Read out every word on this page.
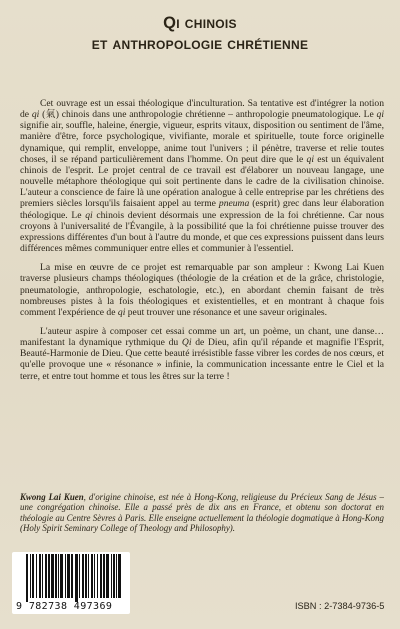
Qi chinois
et anthropologie chrétienne

Cet ouvrage est un essai théologique d'inculturation. Sa tentative est d'intégrer la notion de qi (氣) chinois dans une anthropologie chrétienne – anthropologie pneumatologique. Le qi signifie air, souffle, haleine, énergie, vigueur, esprits vitaux, disposition ou sentiment de l'âme, manière d'être, force psychologique, vivifiante, morale et spirituelle, toute force originelle dynamique, qui remplit, enveloppe, anime tout l'univers ; il pénètre, traverse et relie toutes choses, il se répand particulièrement dans l'homme. On peut dire que le qi est un équivalent chinois de l'esprit. Le projet central de ce travail est d'élaborer un nouveau langage, une nouvelle métaphore théologique qui soit pertinente dans le cadre de la civilisation chinoise. L'auteur a conscience de faire là une opération analogue à celle entreprise par les chrétiens des premiers siècles lorsqu'ils faisaient appel au terme pneuma (esprit) grec dans leur élaboration théologique. Le qi chinois devient désormais une expression de la foi chrétienne. Car nous croyons à l'universalité de l'Évangile, à la possibilité que la foi chrétienne puisse trouver des expressions différentes d'un bout à l'autre du monde, et que ces expressions puissent dans leurs différences mêmes communiquer entre elles et communier à l'essentiel.

La mise en œuvre de ce projet est remarquable par son ampleur : Kwong Lai Kuen traverse plusieurs champs théologiques (théologie de la création et de la grâce, christologie, pneumatologie, anthropologie, eschatologie, etc.), en abordant chemin faisant de très nombreuses pistes à la fois théologiques et existentielles, et en montrant à chaque fois comment l'expérience de qi peut trouver une résonance et une saveur originales.

L'auteur aspire à composer cet essai comme un art, un poème, un chant, une danse… manifestant la dynamique rythmique du Qi de Dieu, afin qu'il répande et magnifie l'Esprit, Beauté-Harmonie de Dieu. Que cette beauté irrésistible fasse vibrer les cordes de nos cœurs, et qu'elle provoque une « résonance » infinie, la communication incessante entre le Ciel et la terre, et entre tout homme et tous les êtres sur la terre !

Kwong Lai Kuen, d'origine chinoise, est née à Hong-Kong, religieuse du Précieux Sang de Jésus – une congrégation chinoise. Elle a passé près de dix ans en France, et obtenu son doctorat en théologie au Centre Sèvres à Paris. Elle enseigne actuellement la théologie dogmatique à Hong-Kong (Holy Spirit Seminary College of Theology and Philosophy).
9 782738 497369	ISBN : 2-7384-9736-5
